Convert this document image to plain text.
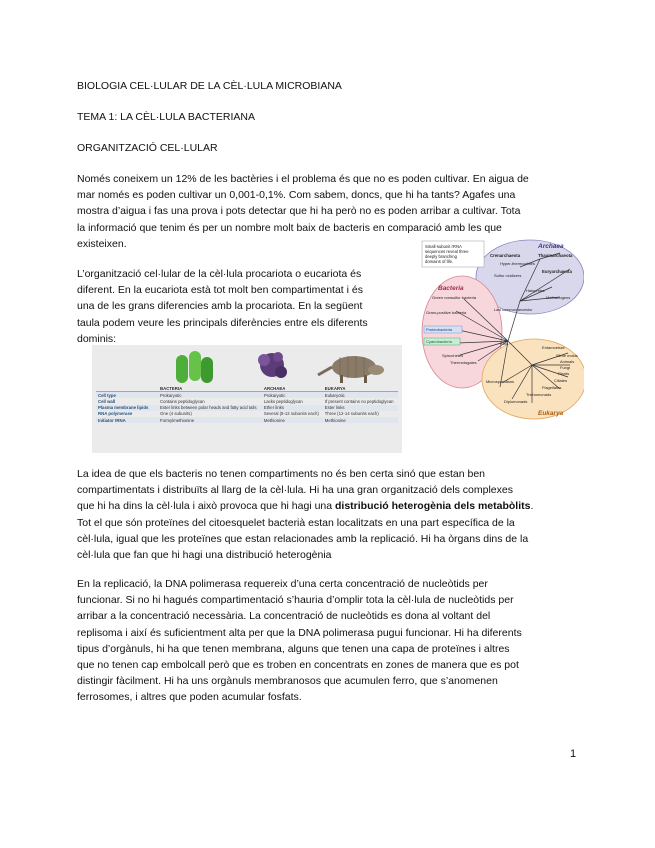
BIOLOGIA CEL·LULAR DE LA CÈL·LULA MICROBIANA
TEMA 1: LA CÈL·LULA BACTERIANA
ORGANITZACIÓ CEL·LULAR
Només coneixem un 12% de les bactèries i el problema és que no es poden cultivar. En aigua de
mar només es poden cultivar un 0,001-0,1%. Com sabem, doncs, que hi ha tants? Agafes una
mostra d’aigua i fas una prova i pots detectar que hi ha però no es poden arribar a cultivar. Tota
la informació que tenim és per un nombre molt baix de bacteris en comparació amb les que
existeixen.
L’organització cel·lular de la cèl·lula procariota o eucariota és
diferent. En la eucariota està tot molt ben compartimentat i és
una de les grans diferencies amb la procariota. En la següent
taula podem veure les principals diferències entre els diferents
dominis:
Small-subunit rRNA
sequences reveal three
deeply branching
domains of life.
Archaea
Bacteria
Eukarya
Crenarchaeota	Thaumarchaeota
Euryarchaeota
Hyper-thermophiles
Sulfur oxidizers
Halophiles
Methanogens
Green nonsulfur bacteria
Gram-positive bacteria
Proteobacteria
Cyanobacteria
Spirochetes
Thermotogales
Last common ancestor
Root
Entamoebae
Slime molds
Animals
Fungi
Plants
Ciliates
Flagellates
Trichomonads
Microsporidians
Diplomonads
Small-subunit rRNA sequences reveal three deeply branching domains of life.
	BACTERIA	ARCHAEA	EUKARYA
Cell type	Prokaryotic	Prokaryotic	Eukaryotic
Cell wall	Contains peptidoglycan	Lacks peptidoglycan	If present contains no peptidoglycan
Plasma membrane lipids	Ester links between polar heads and fatty acid tails	Ether links	Ester links
RNA polymerase	One (4 subunits)	Several (8-12 subunits each)	Three (12-14 subunits each)
Initiator tRNA	Formylmethionine	Methionine	Methionine
La idea de que els bacteris no tenen compartiments no és ben certa sinó que estan ben
compartimentats i distribuïts al llarg de la cèl·lula. Hi ha una gran organització dels complexes
que hi ha dins la cèl·lula i això provoca que hi hagi una distribució heterogènia dels metabòlits.
Tot el que són proteïnes del citoesquelet bacterià estan localitzats en una part específica de la
cèl·lula, igual que les proteïnes que estan relacionades amb la replicació. Hi ha òrgans dins de la
cèl·lula que fan que hi hagi una distribució heterogènia
En la replicació, la DNA polimerasa requereix d’una certa concentració de nucleòtids per
funcionar. Si no hi hagués compartimentació s’hauria d’omplir tota la cèl·lula de nucleòtids per
arribar a la concentració necessària. La concentració de nucleòtids es dona al voltant del
replisoma i així és suficientment alta per que la DNA polimerasa pugui funcionar. Hi ha diferents
tipus d’orgànuls, hi ha que tenen membrana, alguns que tenen una capa de proteïnes i altres
que no tenen cap embolcall però que es troben en concentrats en zones de manera que es pot
distingir fàcilment. Hi ha uns orgànuls membranosos que acumulen ferro, que s’anomenen
ferrosomes, i altres que poden acumular fosfats.
1
